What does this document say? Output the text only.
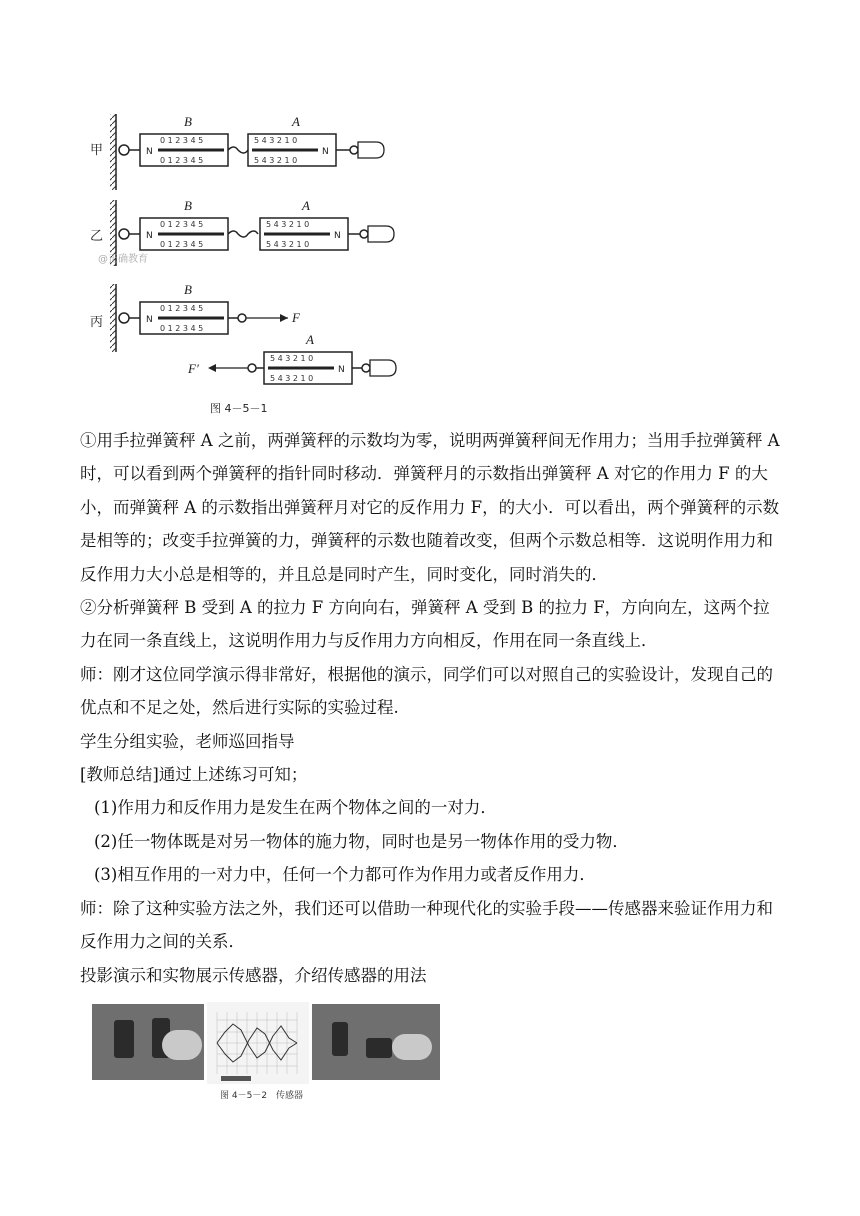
甲
乙
丙
N
0 1 2 3 4 5
0 1 2 3 4 5
B
N
5 4 3 2 1 0
5 4 3 2 1 0
A
N
0 1 2 3 4 5
0 1 2 3 4 5
B
N
5 4 3 2 1 0
5 4 3 2 1 0
A
@正确教育
N
0 1 2 3 4 5
0 1 2 3 4 5
B
F
N
5 4 3 2 1 0
5 4 3 2 1 0
A
F′
图 4－5－1

①用手拉弹簧秤 A 之前，两弹簧秤的示数均为零，说明两弹簧秤间无作用力；当用手拉弹簧秤 A 时，可以看到两个弹簧秤的指针同时移动．弹簧秤月的示数指出弹簧秤 A 对它的作用力 F 的大小，而弹簧秤 A 的示数指出弹簧秤月对它的反作用力 F，的大小．可以看出，两个弹簧秤的示数是相等的；改变手拉弹簧的力，弹簧秤的示数也随着改变，但两个示数总相等．这说明作用力和反作用力大小总是相等的，并且总是同时产生，同时变化，同时消失的．

②分析弹簧秤 B 受到 A 的拉力 F 方向向右，弹簧秤 A 受到 B 的拉力 F，方向向左，这两个拉力在同一条直线上，这说明作用力与反作用力方向相反，作用在同一条直线上．

师：刚才这位同学演示得非常好，根据他的演示，同学们可以对照自己的实验设计，发现自己的优点和不足之处，然后进行实际的实验过程.

学生分组实验，老师巡回指导

[教师总结]通过上述练习可知；

(1)作用力和反作用力是发生在两个物体之间的一对力．

(2)任一物体既是对另一物体的施力物，同时也是另一物体作用的受力物．

(3)相互作用的一对力中，任何一个力都可作为作用力或者反作用力．

师：除了这种实验方法之外，我们还可以借助一种现代化的实验手段——传感器来验证作用力和反作用力之间的关系．

投影演示和实物展示传感器，介绍传感器的用法

图 4－5－2　传感器
